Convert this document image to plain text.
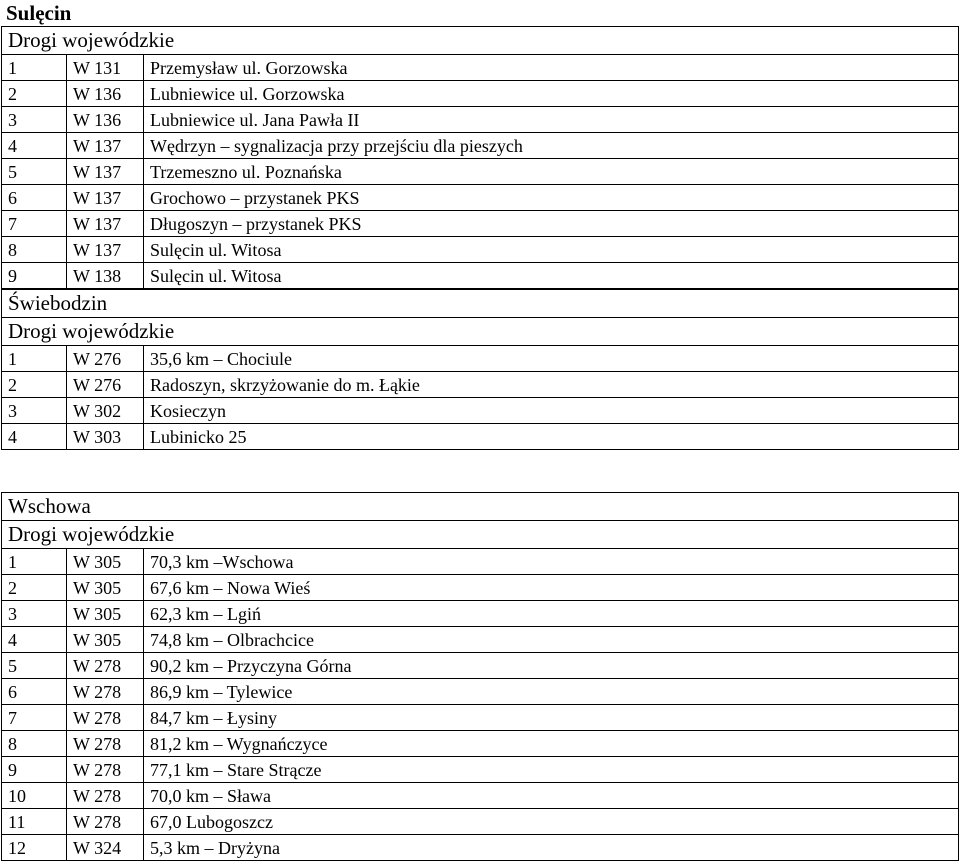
Sulęcin
Drogi wojewódzkie		
1	W 131	Przemysław ul. Gorzowska
2	W 136	Lubniewice ul. Gorzowska
3	W 136	Lubniewice ul. Jana Pawła II
4	W 137	Wędrzyn – sygnalizacja przy przejściu dla pieszych
5	W 137	Trzemeszno ul. Poznańska
6	W 137	Grochowo – przystanek PKS
7	W 137	Długoszyn – przystanek PKS
8	W 137	Sulęcin ul. Witosa
9	W 138	Sulęcin ul. Witosa
Świebodzin		
Drogi wojewódzkie		
1	W 276	35,6 km – Chociule
2	W 276	Radoszyn, skrzyżowanie do m. Łąkie
3	W 302	Kosieczyn
4	W 303	Lubinicko 25
Wschowa		
Drogi wojewódzkie		
1	W 305	70,3 km –Wschowa
2	W 305	67,6 km – Nowa Wieś
3	W 305	62,3 km – Lgiń
4	W 305	74,8 km – Olbrachcice
5	W 278	90,2 km – Przyczyna Górna
6	W 278	86,9 km – Tylewice
7	W 278	84,7 km – Łysiny
8	W 278	81,2 km – Wygnańczyce
9	W 278	77,1 km – Stare Strącze
10	W 278	70,0 km – Sława
11	W 278	67,0 Lubogoszcz
12	W 324	5,3 km – Dryżyna
